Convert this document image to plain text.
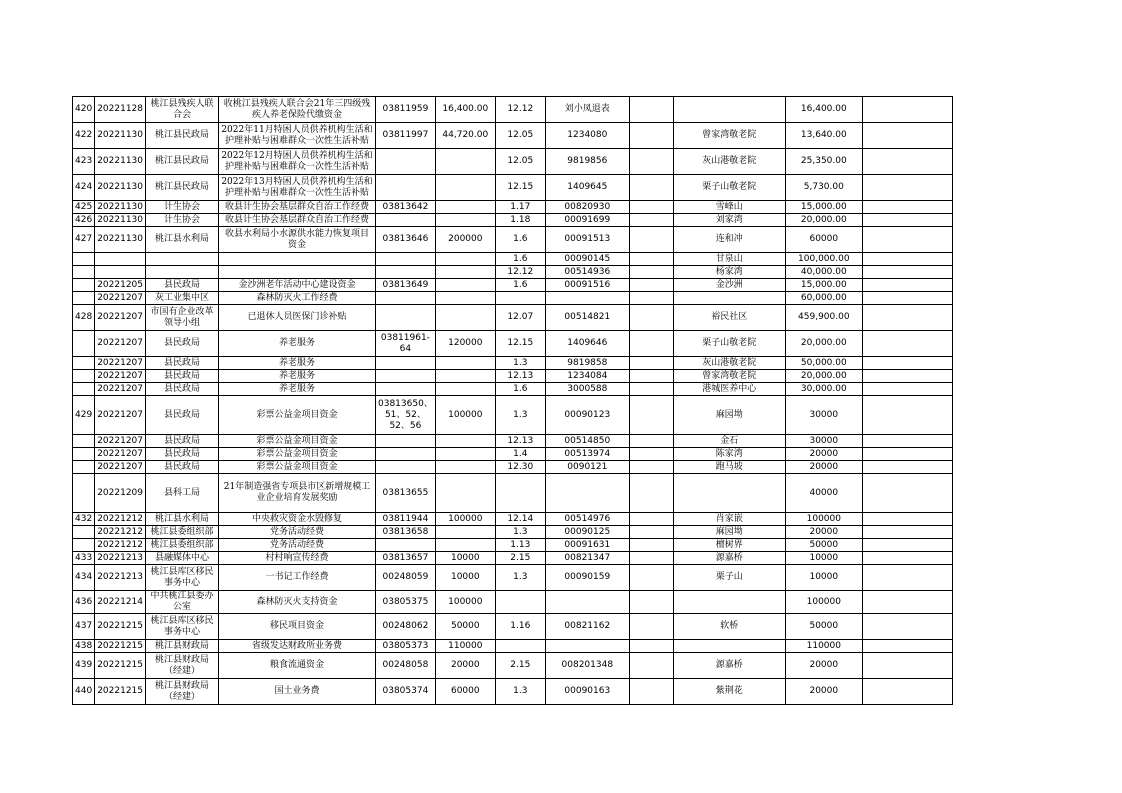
420	20221128	桃江县残疾人联合会	收桃江县残疾人联合会21年三四级残疾人养老保险代缴资金	03811959	16,400.00	12.12	刘小凤退表			16,400.00	
422	20221130	桃江县民政局	2022年11月特困人员供养机构生活和护理补贴与困难群众一次性生活补贴	03811997	44,720.00	12.05	1234080		曾家湾敬老院	13,640.00	
423	20221130	桃江县民政局	2022年12月特困人员供养机构生活和护理补贴与困难群众一次性生活补贴			12.05	9819856		灰山港敬老院	25,350.00	
424	20221130	桃江县民政局	2022年13月特困人员供养机构生活和护理补贴与困难群众一次性生活补贴			12.15	1409645		栗子山敬老院	5,730.00	
425	20221130	计生协会	收县计生协会基层群众自治工作经费	03813642		1.17	00820930		雪峰山	15,000.00	
426	20221130	计生协会	收县计生协会基层群众自治工作经费			1.18	00091699		刘家湾	20,000.00	
427	20221130	桃江县水利局	收县水利局小水源供水能力恢复项目资金	03813646	200000	1.6	00091513		连和冲	60000	
						1.6	00090145		甘泉山	100,000.00	
						12.12	00514936		杨家湾	40,000.00	
	20221205	县民政局	金沙洲老年活动中心建设资金	03813649		1.6	00091516		金沙洲	15,000.00	
	20221207	灰工业集中区	森林防灭火工作经费							60,000.00	
428	20221207	市国有企业改革领导小组	已退休人员医保门诊补贴			12.07	00514821		裕民社区	459,900.00	
	20221207	县民政局	养老服务	03811961-64	120000	12.15	1409646		栗子山敬老院	20,000.00	
	20221207	县民政局	养老服务			1.3	9819858		灰山港敬老院	50,000.00	
	20221207	县民政局	养老服务			12.13	1234084		曾家湾敬老院	20,000.00	
	20221207	县民政局	养老服务			1.6	3000588		港城医养中心	30,000.00	
429	20221207	县民政局	彩票公益金项目资金	03813650、51、52、52、56	100000	1.3	00090123		麻园坳	30000	
	20221207	县民政局	彩票公益金项目资金			12.13	00514850		金石	30000	
	20221207	县民政局	彩票公益金项目资金			1.4	00513974		陈家湾	20000	
	20221207	县民政局	彩票公益金项目资金			12.30	0090121		跑马坡	20000	
	20221209	县科工局	21年制造强省专项县市区新增规模工业企业培育发展奖励	03813655						40000	
432	20221212	桃江县水利局	中央救灾资金水毁修复	03811944	100000	12.14	00514976		肖家嵌	100000	
	20221212	桃江县委组织部	党务活动经费	03813658		1.3	00090125		麻园坳	20000	
	20221212	桃江县委组织部	党务活动经费			1.13	00091631		檀树界	50000	
433	20221213	县融媒体中心	村村响宣传经费	03813657	10000	2.15	00821347		源嘉桥	10000	
434	20221213	桃江县库区移民事务中心	一书记工作经费	00248059	10000	1.3	00090159		栗子山	10000	
436	20221214	中共桃江县委办公室	森林防灭火支持资金	03805375	100000					100000	
437	20221215	桃江县库区移民事务中心	移民项目资金	00248062	50000	1.16	00821162		软桥	50000	
438	20221215	桃江县财政局	省级发达财政所业务费	03805373	110000					110000	
439	20221215	桃江县财政局（经建）	粮食流通资金	00248058	20000	2.15	008201348		源嘉桥	20000	
440	20221215	桃江县财政局（经建）	国土业务费	03805374	60000	1.3	00090163		紫荆花	20000	
